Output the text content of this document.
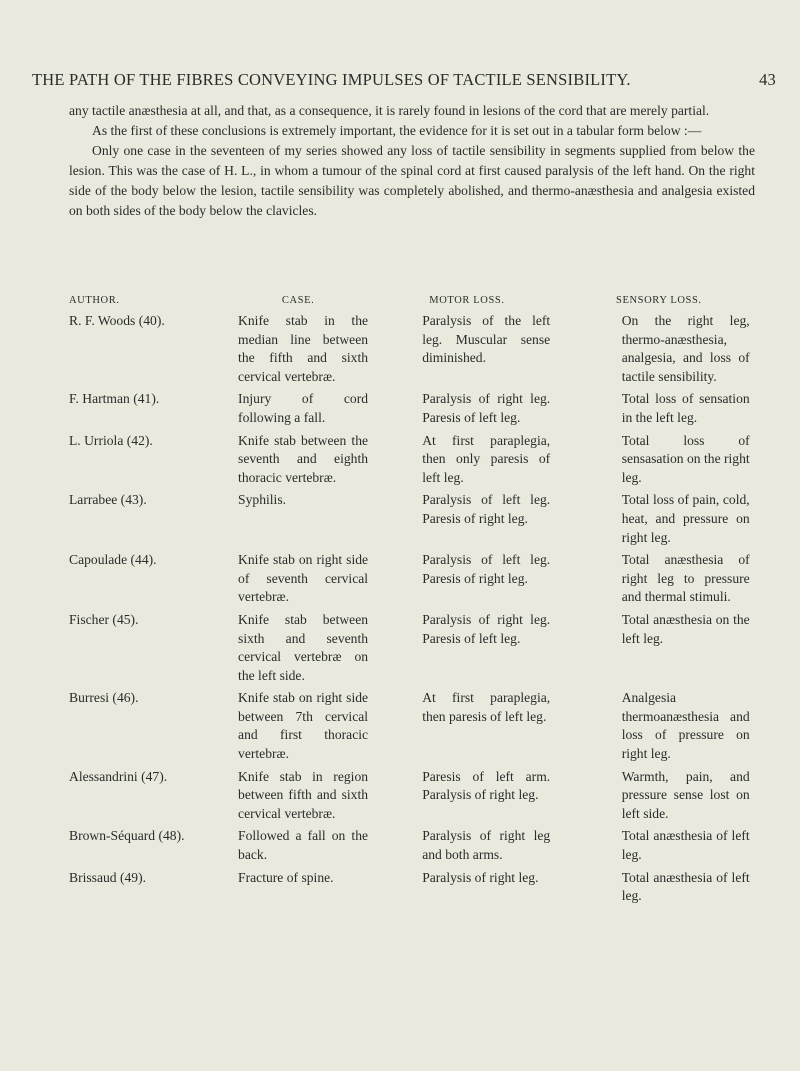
THE PATH OF THE FIBRES CONVEYING IMPULSES OF TACTILE SENSIBILITY.	43

any tactile anæsthesia at all, and that, as a consequence, it is rarely found in lesions of the cord that are merely partial.

As the first of these conclusions is extremely important, the evidence for it is set out in a tabular form below :—

Only one case in the seventeen of my series showed any loss of tactile sensibility in segments supplied from below the lesion. This was the case of H. L., in whom a tumour of the spinal cord at first caused paralysis of the left hand. On the right side of the body below the lesion, tactile sensibility was completely abolished, and thermo-anæsthesia and analgesia existed on both sides of the body below the clavicles.

AUTHOR.	CASE.	MOTOR LOSS.	SENSORY LOSS.
R. F. Woods (40).	Knife stab in the median line between the fifth and sixth cervical vertebræ.	Paralysis of the left leg. Muscular sense diminished.	On the right leg, thermo-anæsthesia, analgesia, and loss of tactile sensibility.

F. Hartman (41).	Injury of cord following a fall.	Paralysis of right leg. Paresis of left leg.	Total loss of sensation in the left leg.

L. Urriola (42).	Knife stab between the seventh and eighth thoracic vertebræ.	At first paraplegia, then only paresis of left leg.	Total loss of sensasation on the right leg.

Larrabee (43).	Syphilis.	Paralysis of left leg. Paresis of right leg.	Total loss of pain, cold, heat, and pressure on right leg.

Capoulade (44).	Knife stab on right side of seventh cervical vertebræ.	Paralysis of left leg. Paresis of right leg.	Total anæsthesia of right leg to pressure and thermal stimuli.

Fischer (45).	Knife stab between sixth and seventh cervical vertebræ on the left side.	Paralysis of right leg. Paresis of left leg.	Total anæsthesia on the left leg.

Burresi (46).	Knife stab on right side between 7th cervical and first thoracic vertebræ.	At first paraplegia, then paresis of left leg.	Analgesia thermoanæsthesia and loss of pressure on right leg.

Alessandrini (47).	Knife stab in region between fifth and sixth cervical vertebræ.	Paresis of left arm. Paralysis of right leg.	Warmth, pain, and pressure sense lost on left side.

Brown-Séquard (48).	Followed a fall on the back.	Paralysis of right leg and both arms.	Total anæsthesia of left leg.

Brissaud (49).	Fracture of spine.	Paralysis of right leg.	Total anæsthesia of left leg.
